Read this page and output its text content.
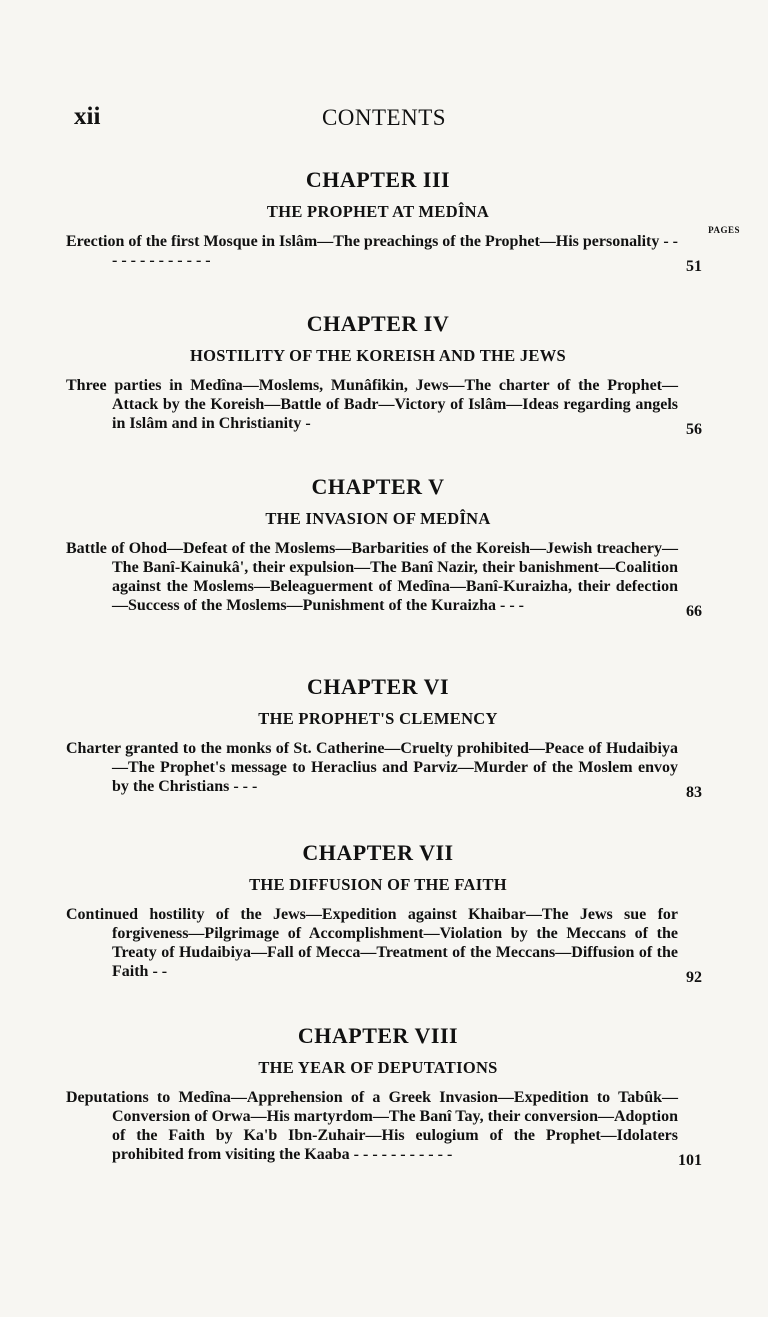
xii	CONTENTS
PAGES
CHAPTER III
THE PROPHET AT MEDÎNA

Erection of the first Mosque in Islâm—The preachings of the Prophet—His personality - - - - - - - - - - - - -	51
CHAPTER IV
HOSTILITY OF THE KOREISH AND THE JEWS

Three parties in Medîna—Moslems, Munâfikin, Jews—The charter of the Prophet—Attack by the Koreish—Battle of Badr—Victory of Islâm—Ideas regarding angels in Islâm and in Christianity -	56
CHAPTER V
THE INVASION OF MEDÎNA

Battle of Ohod—Defeat of the Moslems—Barbarities of the Koreish—Jewish treachery—The Banî-Kainukâ', their expulsion—The Banî Nazir, their banishment—Coalition against the Moslems—Beleaguerment of Medîna—Banî-Kuraizha, their defection—Success of the Moslems—Punishment of the Kuraizha - - -	66
CHAPTER VI
THE PROPHET'S CLEMENCY

Charter granted to the monks of St. Catherine—Cruelty prohibited—Peace of Hudaibiya—The Prophet's message to Heraclius and Parviz—Murder of the Moslem envoy by the Christians - - -	83
CHAPTER VII
THE DIFFUSION OF THE FAITH

Continued hostility of the Jews—Expedition against Khaibar—The Jews sue for forgiveness—Pilgrimage of Accomplishment—Violation by the Meccans of the Treaty of Hudaibiya—Fall of Mecca—Treatment of the Meccans—Diffusion of the Faith - -	92
CHAPTER VIII
THE YEAR OF DEPUTATIONS

Deputations to Medîna—Apprehension of a Greek Invasion—Expedition to Tabûk—Conversion of Orwa—His martyrdom—The Banî Tay, their conversion—Adoption of the Faith by Ka'b Ibn-Zuhair—His eulogium of the Prophet—Idolaters prohibited from visiting the Kaaba - - - - - - - - - - -	101
